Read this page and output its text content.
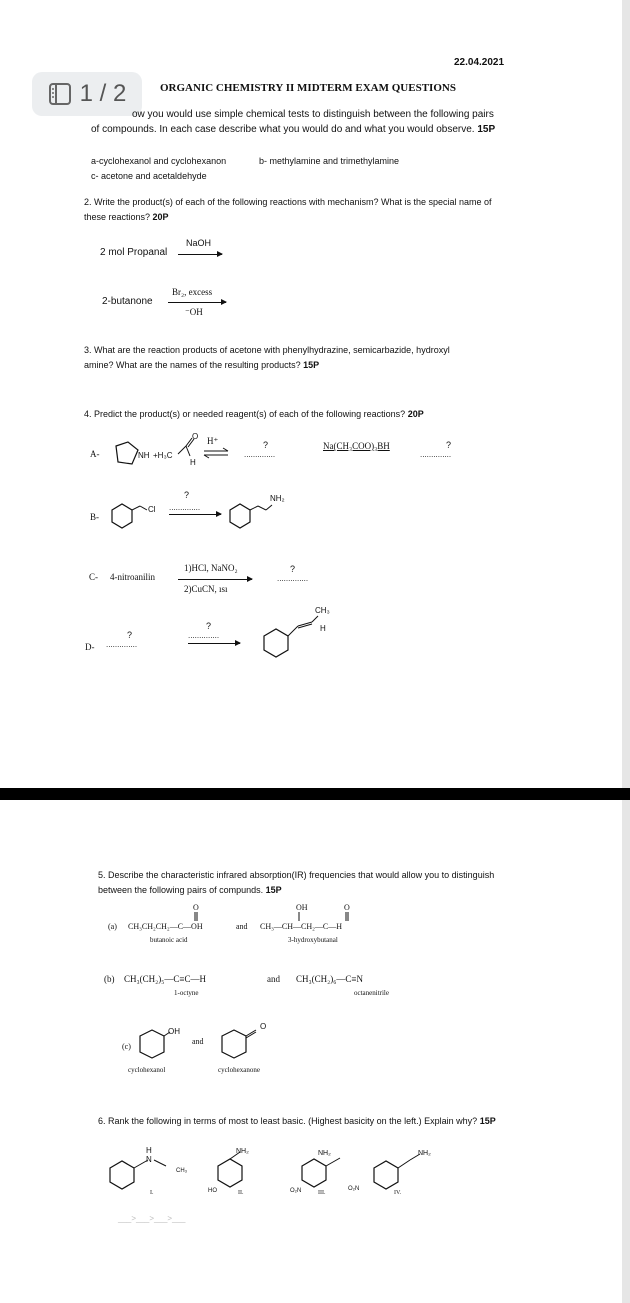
22.04.2021
1 / 2	ORGANIC CHEMISTRY II MIDTERM EXAM QUESTIONS
ow you would use simple chemical tests to distinguish between the following pairs
of compounds. In each case describe what you would do and what you would observe. 15P
a-cyclohexanol and cyclohexanon	b- methylamine and trimethylamine
c- acetone and acetaldehyde
2. Write the product(s) of each of the following reactions with mechanism? What is the special name of
these reactions? 20P
2 mol Propanal
NaOH
2-butanone
Br₂, excess
⁻OH
3. What are the reaction products of acetone with phenylhydrazine, semicarbazide, hydroxyl
amine? What are the names of the resulting products? 15P
4. Predict the product(s) or needed reagent(s) of each of the following reactions? 20P
A-	NH +H₃C
O
H
H⁺	?
..............
Na(CH₃COO)₃BH	?
..............
B-
Cl
?
..............
NH₂
C- 4-nitroanilin
1)HCl, NaNO₂
2)CuCN, ısı
?
..............
D-
?
..............
?
..............
CH₃
H
5. Describe the characteristic infrared absorption(IR) frequencies that would allow you to distinguish
between the following pairs of compunds. 15P
O	OH	O
(a) CH₃CH₂CH₂—C—OH	and CH₃—CH—CH₂—C—H
butanoic acid	3-hydroxybutanal
(b) CH₃(CH₂)₅—C≡C—H	and CH₃(CH₂)₆—C≡N
1-octyne	octanenitrile
(c)
OH
and
O
cyclohexanol	cyclohexanone
6. Rank the following in terms of most to least basic. (Highest basicity on the left.) Explain why? 15P
N
H
CH₃
NH₂
HO
NH₂
O₂N
NH₂
O₂N
I.	II.	III.	IV.
___>___>___>___
